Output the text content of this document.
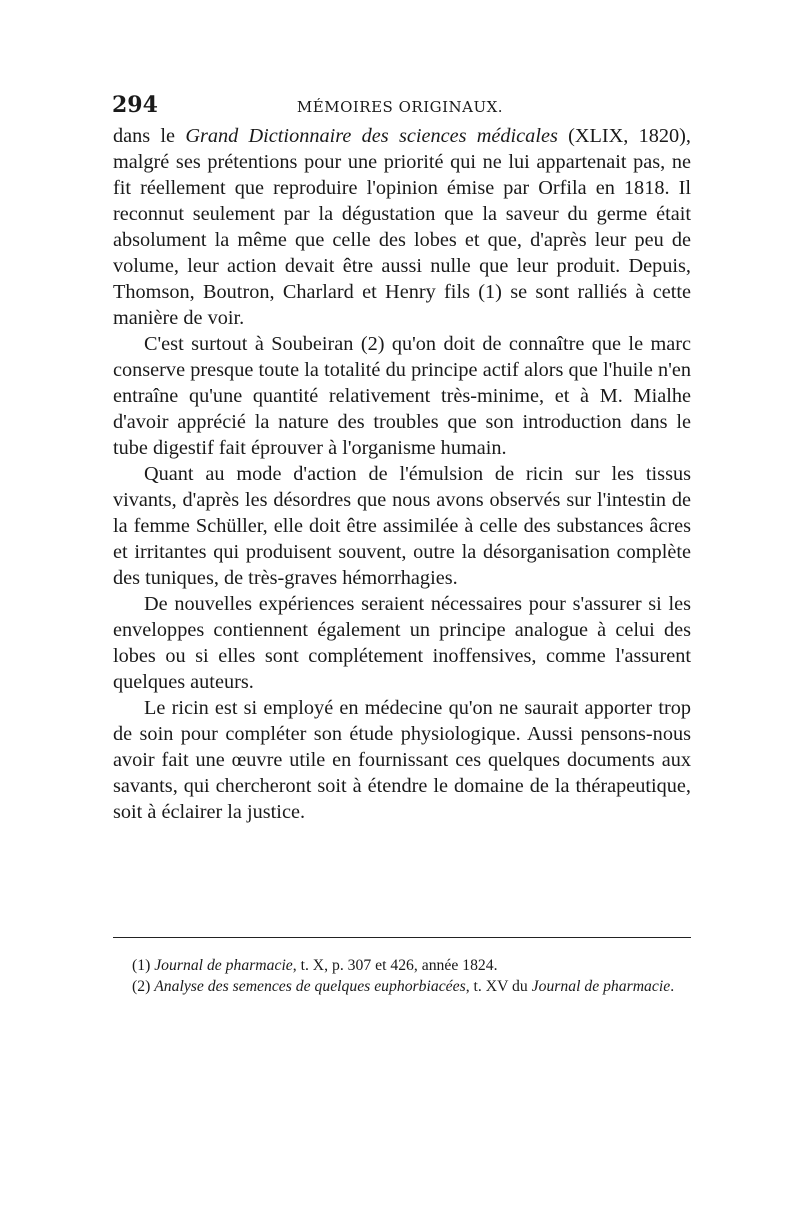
294	MÉMOIRES ORIGINAUX.

dans le Grand Dictionnaire des sciences médicales (XLIX, 1820), malgré ses prétentions pour une priorité qui ne lui appartenait pas, ne fit réellement que reproduire l'opinion émise par Orfila en 1818. Il reconnut seulement par la dégustation que la saveur du germe était absolument la même que celle des lobes et que, d'après leur peu de volume, leur action devait être aussi nulle que leur produit. Depuis, Thomson, Boutron, Charlard et Henry fils (1) se sont ralliés à cette manière de voir.

C'est surtout à Soubeiran (2) qu'on doit de connaître que le marc conserve presque toute la totalité du principe actif alors que l'huile n'en entraîne qu'une quantité relativement très-minime, et à M. Mialhe d'avoir apprécié la nature des troubles que son introduction dans le tube digestif fait éprouver à l'organisme humain.

Quant au mode d'action de l'émulsion de ricin sur les tissus vivants, d'après les désordres que nous avons observés sur l'intestin de la femme Schüller, elle doit être assimilée à celle des substances âcres et irritantes qui produisent souvent, outre la désorganisation complète des tuniques, de très-graves hémorrhagies.

De nouvelles expériences seraient nécessaires pour s'assurer si les enveloppes contiennent également un principe analogue à celui des lobes ou si elles sont complétement inoffensives, comme l'assurent quelques auteurs.

Le ricin est si employé en médecine qu'on ne saurait apporter trop de soin pour compléter son étude physiologique. Aussi pensons-nous avoir fait une œuvre utile en fournissant ces quelques documents aux savants, qui chercheront soit à étendre le domaine de la thérapeutique, soit à éclairer la justice.

(1) Journal de pharmacie, t. X, p. 307 et 426, année 1824.

(2) Analyse des semences de quelques euphorbiacées, t. XV du Journal de pharmacie.
